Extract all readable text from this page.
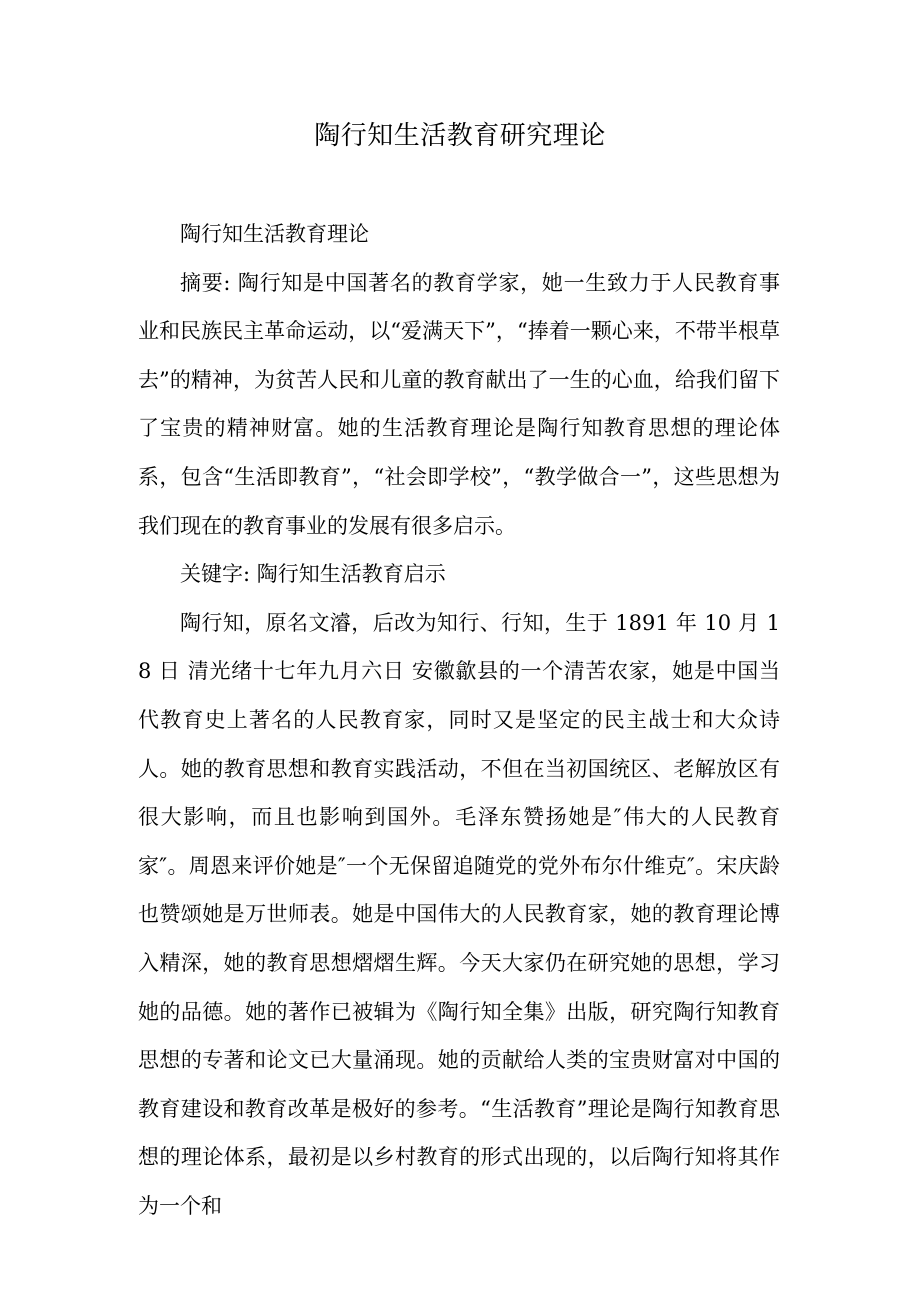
陶行知生活教育研究理论

陶行知生活教育理论

摘要: 陶行知是中国著名的教育学家，她一生致力于人民教育事业和民族民主革命运动，以“爱满天下”，“捧着一颗心来，不带半根草去”的精神，为贫苦人民和儿童的教育献出了一生的心血，给我们留下了宝贵的精神财富。她的生活教育理论是陶行知教育思想的理论体系，包含“生活即教育”，“社会即学校”，“教学做合一”，这些思想为我们现在的教育事业的发展有很多启示。

关键字: 陶行知生活教育启示

陶行知，原名文濬，后改为知行、行知，生于 1891 年 10 月 18 日 清光绪十七年九月六日 安徽歙县的一个清苦农家，她是中国当代教育史上著名的人民教育家，同时又是坚定的民主战士和大众诗人。她的教育思想和教育实践活动，不但在当初国统区、老解放区有很大影响，而且也影响到国外。毛泽东赞扬她是″伟大的人民教育家″。周恩来评价她是″一个无保留追随党的党外布尔什维克″。宋庆龄也赞颂她是万世师表。她是中国伟大的人民教育家，她的教育理论博入精深，她的教育思想熠熠生辉。今天大家仍在研究她的思想，学习她的品德。她的著作已被辑为《陶行知全集》出版，研究陶行知教育思想的专著和论文已大量涌现。她的贡献给人类的宝贵财富对中国的教育建设和教育改革是极好的参考。“生活教育”理论是陶行知教育思想的理论体系，最初是以乡村教育的形式出现的，以后陶行知将其作为一个和
